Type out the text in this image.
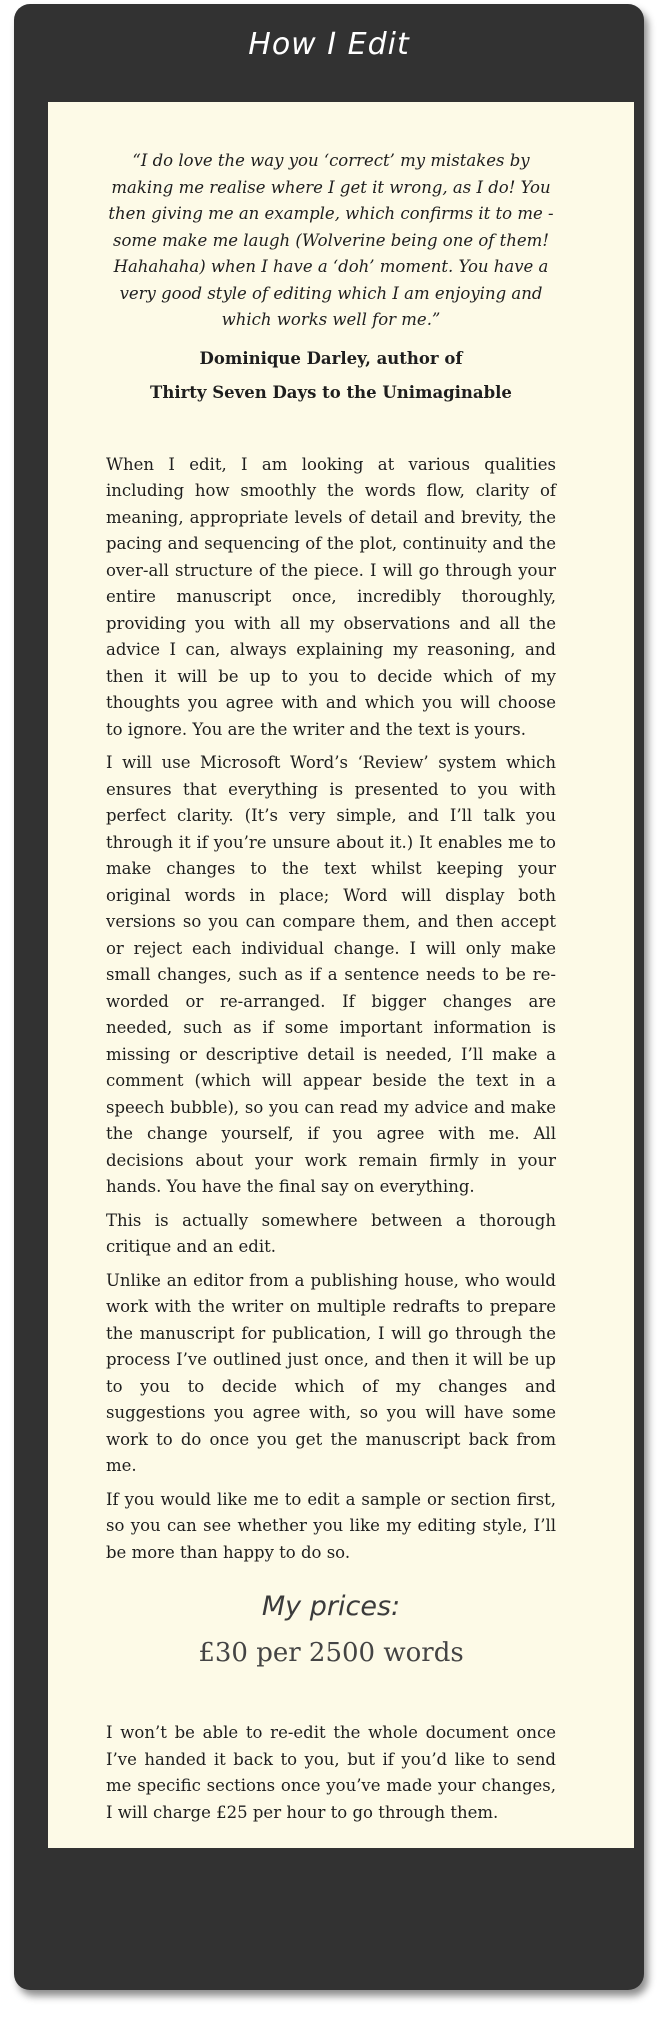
How I Edit

“I do love the way you ‘correct’ my mistakes by making me realise where I get it wrong, as I do! You then giving me an example, which confirms it to me - some make me laugh (Wolverine being one of them! Hahahaha) when I have a ‘doh’ moment. You have a very good style of editing which I am enjoying and which works well for me.”

Dominique Darley, author of

Thirty Seven Days to the Unimaginable

When I edit, I am looking at various qualities including how smoothly the words flow, clarity of meaning, appropriate levels of detail and brevity, the pacing and sequencing of the plot, continuity and the over-all structure of the piece. I will go through your entire manuscript once, incredibly thoroughly, providing you with all my observations and all the advice I can, always explaining my reasoning, and then it will be up to you to decide which of my thoughts you agree with and which you will choose to ignore. You are the writer and the text is yours.

I will use Microsoft Word’s ‘Review’ system which ensures that everything is presented to you with perfect clarity. (It’s very simple, and I’ll talk you through it if you’re unsure about it.) It enables me to make changes to the text whilst keeping your original words in place; Word will display both versions so you can compare them, and then accept or reject each individual change. I will only make small changes, such as if a sentence needs to be re-worded or re-arranged. If bigger changes are needed, such as if some important information is missing or descriptive detail is needed, I’ll make a comment (which will appear beside the text in a speech bubble), so you can read my advice and make the change yourself, if you agree with me. All decisions about your work remain firmly in your hands. You have the final say on everything.

This is actually somewhere between a thorough critique and an edit.

Unlike an editor from a publishing house, who would work with the writer on multiple redrafts to prepare the manuscript for publication, I will go through the process I’ve outlined just once, and then it will be up to you to decide which of my changes and suggestions you agree with, so you will have some work to do once you get the manuscript back from me.

If you would like me to edit a sample or section first, so you can see whether you like my editing style, I’ll be more than happy to do so.

My prices:
£30 per 2500 words

I won’t be able to re-edit the whole document once I’ve handed it back to you, but if you’d like to send me specific sections once you’ve made your changes, I will charge £25 per hour to go through them.
